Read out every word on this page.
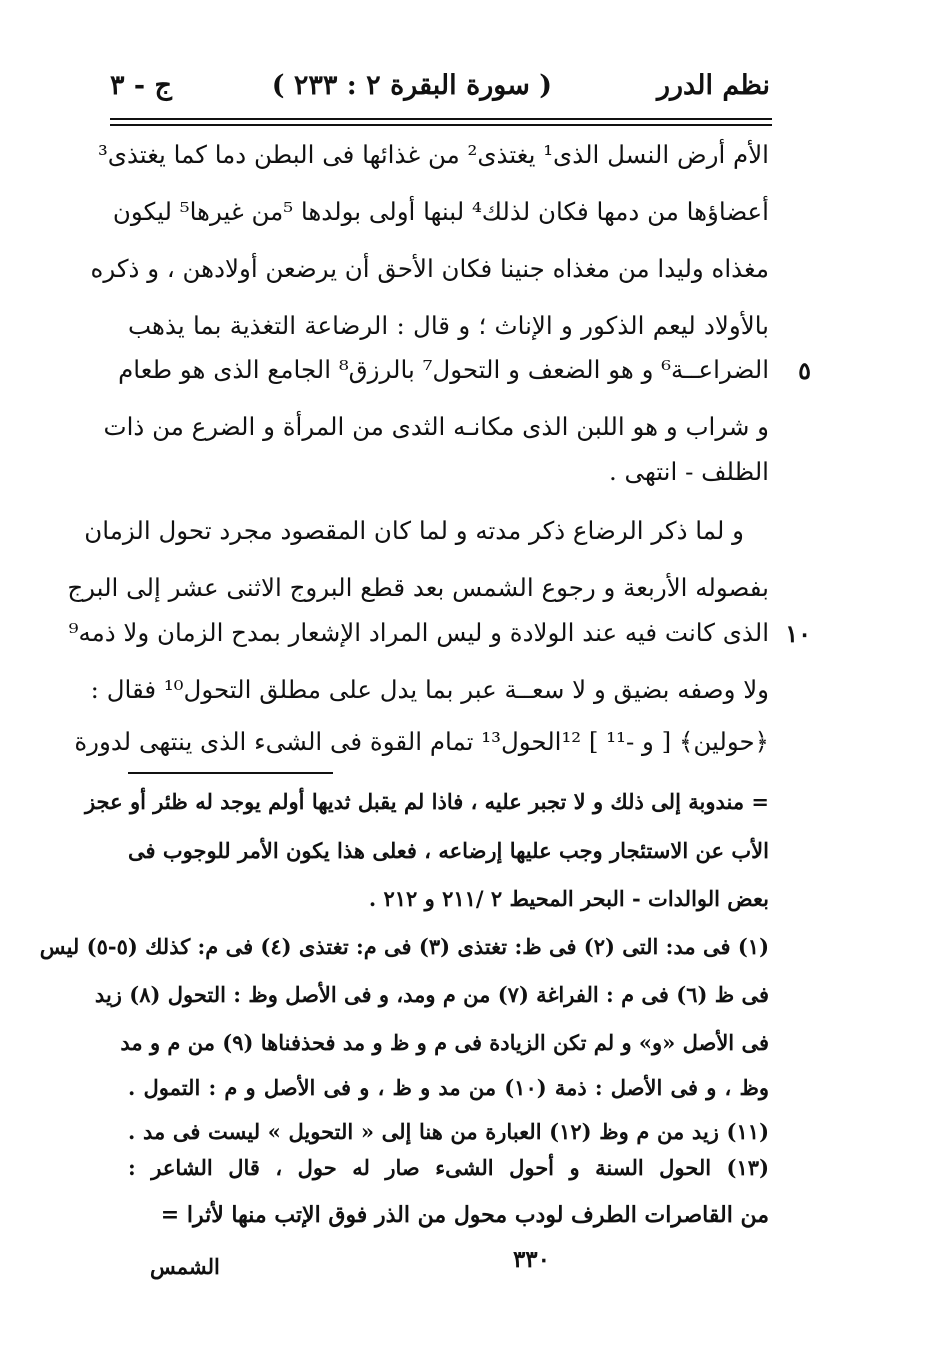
نظم الدرر
( سورة البقرة ٢ : ٢٣٣ )
ج - ٣
الأم أرض النسل الذى¹ يغتذى² من غذائها فى البطن دما كما يغتذى³
أعضاؤها من دمها فكان لذلك⁴ لبنها أولى بولدها ⁵من غيرها⁵ ليكون
مغذاه وليدا من مغذاه جنينا فكان الأحق أن يرضعن أولادهن ، و ذكره
بالأولاد ليعم الذكور و الإناث ؛ و قال : الرضاعة التغذية بما يذهب
الضراعــة⁶ و هو الضعف و التحول⁷ بالرزق⁸ الجامع الذى هو طعام ٥
و شراب و هو اللبن الذى مكانـه الثدى من المرأة و الضرع من ذات
الظلف - انتهى .
و لما ذكر الرضاع ذكر مدته و لما كان المقصود مجرد تحول الزمان
بفصوله الأربعة و رجوع الشمس بعد قطع البروج الاثنى عشر إلى البرج
الذى كانت فيه عند الولادة و ليس المراد الإشعار بمدح الزمان ولا ذمه⁹ ١٠
ولا وصفه بضيق و لا سعــة عبر بما يدل على مطلق التحول¹⁰ فقال :
﴿حولين﴾ [ و -¹¹ ] ¹²الحول¹³ تمام القوة فى الشىء الذى ينتهى لدورة
= مندوبة إلى ذلك و لا تجبر عليه ، فاذا لم يقبل ثديها أولم يوجد له ظئر أو عجز
الأب عن الاستئجار وجب عليها إرضاعه ، فعلى هذا يكون الأمر للوجوب فى
بعض الوالدات - البحر المحيط ٢ /٢١١ و ٢١٢ .
(١) فى مد: التى (٢) فى ظ: تغتذى (٣) فى م: تغتذى (٤) فى م: كذلك (٥-٥) ليس
فى ظ (٦) فى م : الفراغة (٧) من م ومد، و فى الأصل وظ : التحول (٨) زيد
فى الأصل «و» و لم تكن الزيادة فى م و ظ و مد فحذفناها (٩) من م و مد
وظ ، و فى الأصل : ذمة (١٠) من مد و ظ ، و فى الأصل و م : التمول .
(١١) زيد من م وظ (١٢) العبارة من هنا إلى « التحويل » ليست فى مد .
(١٣) الحول السنة و أحول الشىء صار له حول ، قال الشاعر :
من القاصرات الطرف لودب محول من الذر فوق الإتب منها لأثرا =
٣٣٠
الشمس
